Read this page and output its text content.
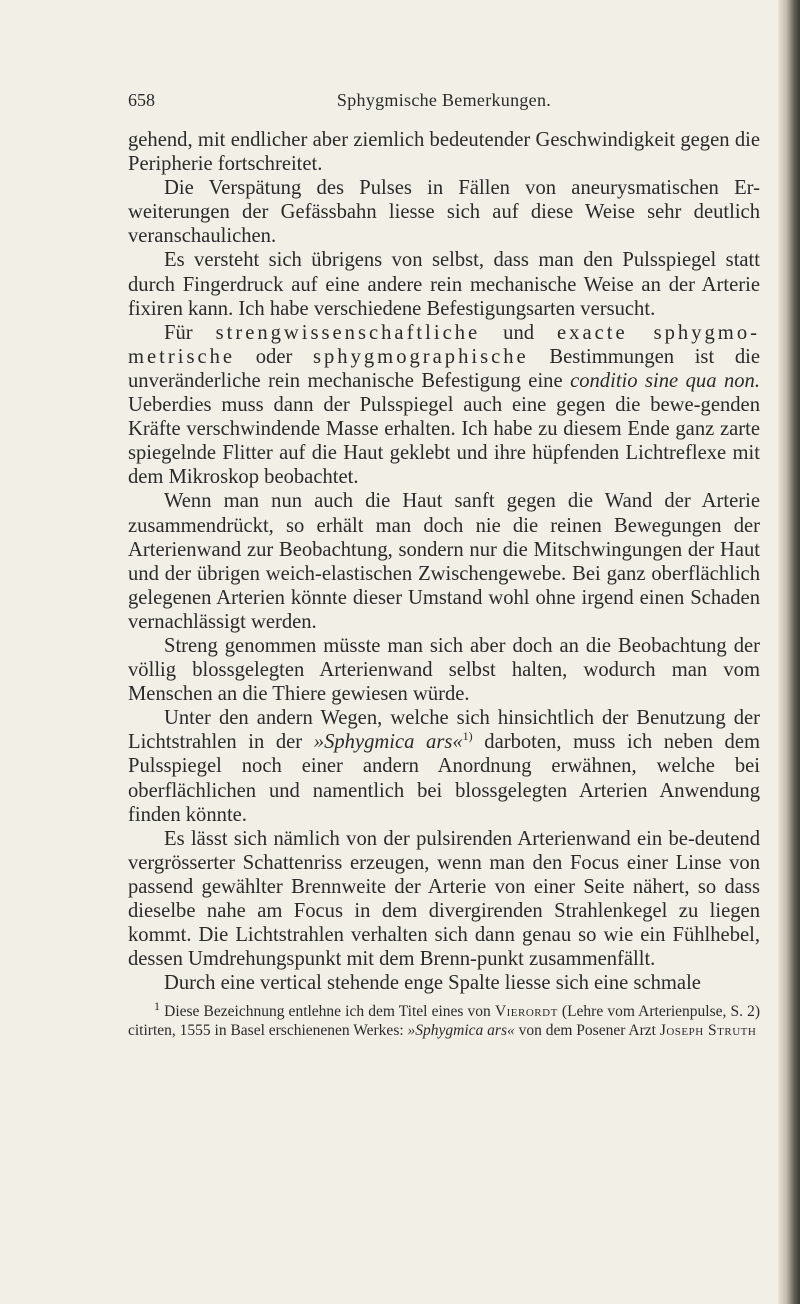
658	Sphygmische Bemerkungen.

gehend, mit endlicher aber ziemlich bedeutender Geschwindigkeit gegen die Peripherie fortschreitet.

Die Verspätung des Pulses in Fällen von aneurysmatischen Er-weiterungen der Gefässbahn liesse sich auf diese Weise sehr deutlich veranschaulichen.

Es versteht sich übrigens von selbst, dass man den Pulsspiegel statt durch Fingerdruck auf eine andere rein mechanische Weise an der Arterie fixiren kann. Ich habe verschiedene Befestigungsarten versucht.

Für strengwissenschaftliche und exacte sphygmo-metrische oder sphygmographische Bestimmungen ist die unveränderliche rein mechanische Befestigung eine conditio sine qua non. Ueberdies muss dann der Pulsspiegel auch eine gegen die bewe-genden Kräfte verschwindende Masse erhalten. Ich habe zu diesem Ende ganz zarte spiegelnde Flitter auf die Haut geklebt und ihre hüpfenden Lichtreflexe mit dem Mikroskop beobachtet.

Wenn man nun auch die Haut sanft gegen die Wand der Arterie zusammendrückt, so erhält man doch nie die reinen Bewegungen der Arterienwand zur Beobachtung, sondern nur die Mitschwingungen der Haut und der übrigen weich-elastischen Zwischengewebe. Bei ganz oberflächlich gelegenen Arterien könnte dieser Umstand wohl ohne irgend einen Schaden vernachlässigt werden.

Streng genommen müsste man sich aber doch an die Beobachtung der völlig blossgelegten Arterienwand selbst halten, wodurch man vom Menschen an die Thiere gewiesen würde.

Unter den andern Wegen, welche sich hinsichtlich der Benutzung der Lichtstrahlen in der »Sphygmica ars«$^{1)}$ darboten, muss ich neben dem Pulsspiegel noch einer andern Anordnung erwähnen, welche bei oberflächlichen und namentlich bei blossgelegten Arterien Anwendung finden könnte.

Es lässt sich nämlich von der pulsirenden Arterienwand ein be-deutend vergrösserter Schattenriss erzeugen, wenn man den Focus einer Linse von passend gewählter Brennweite der Arterie von einer Seite nähert, so dass dieselbe nahe am Focus in dem divergirenden Strahlenkegel zu liegen kommt. Die Lichtstrahlen verhalten sich dann genau so wie ein Fühlhebel, dessen Umdrehungspunkt mit dem Brenn-punkt zusammenfällt.

Durch eine vertical stehende enge Spalte liesse sich eine schmale

$^1$ Diese Bezeichnung entlehne ich dem Titel eines von Vierordt (Lehre vom Arterienpulse, S. 2) citirten, 1555 in Basel erschienenen Werkes: »Sphygmica ars« von dem Posener Arzt Joseph Struth
